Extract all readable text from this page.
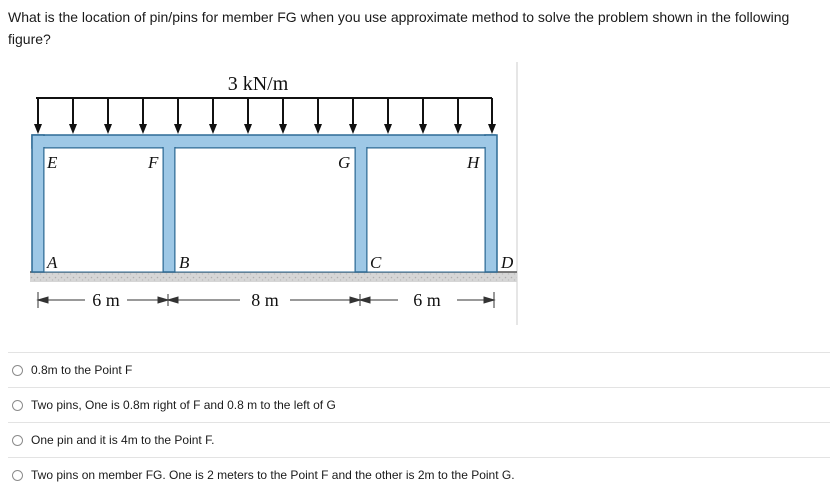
What is the location of pin/pins for member FG when you use approximate method to solve the problem shown in the following figure?
3 kN/m
E	F	G	H
A	B	C	D
6 m	8 m	6 m
0.8m to the Point F
Two pins, One is 0.8m right of F and 0.8 m to the left of G
One pin and it is 4m to the Point F.
Two pins on member FG. One is 2 meters to the Point F and the other is 2m to the Point G.
